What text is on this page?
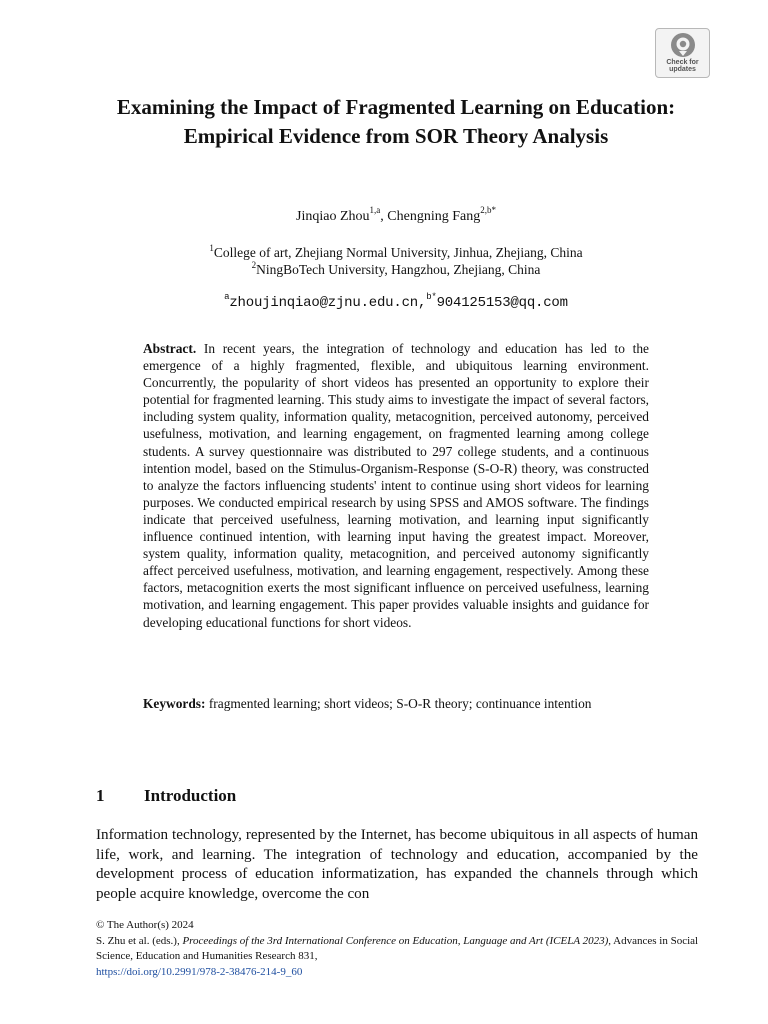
Check for
updates
Examining the Impact of Fragmented Learning on Education: Empirical Evidence from SOR Theory Analysis
Jinqiao Zhou$^{1,a}$, Chengning Fang$^{2,b*}$
$^1$College of art, Zhejiang Normal University, Jinhua, Zhejiang, China
$^2$NingBoTech University, Hangzhou, Zhejiang, China
$^a$zhoujinqiao@zjnu.edu.cn,$^{b*}$904125153@qq.com
Abstract. In recent years, the integration of technology and education has led to the emergence of a highly fragmented, flexible, and ubiquitous learning environment. Concurrently, the popularity of short videos has presented an opportunity to explore their potential for fragmented learning. This study aims to investigate the impact of several factors, including system quality, information quality, metacognition, perceived autonomy, perceived usefulness, motivation, and learning engagement, on fragmented learning among college students. A survey questionnaire was distributed to 297 college students, and a continuous intention model, based on the Stimulus-Organism-Response (S-O-R) theory, was constructed to analyze the factors influencing students' intent to continue using short videos for learning purposes. We conducted empirical research by using SPSS and AMOS software. The findings indicate that perceived usefulness, learning motivation, and learning input significantly influence continued intention, with learning input having the greatest impact. Moreover, system quality, information quality, metacognition, and perceived autonomy significantly affect perceived usefulness, motivation, and learning engagement, respectively. Among these factors, metacognition exerts the most significant influence on perceived usefulness, learning motivation, and learning engagement. This paper provides valuable insights and guidance for developing educational functions for short videos.
Keywords: fragmented learning; short videos; S-O-R theory; continuance intention
1 Introduction
Information technology, represented by the Internet, has become ubiquitous in all aspects of human life, work, and learning. The integration of technology and education, accompanied by the development process of education informatization, has expanded the channels through which people acquire knowledge, overcome the con
© The Author(s) 2024
S. Zhu et al. (eds.), Proceedings of the 3rd International Conference on Education, Language and Art (ICELA 2023), Advances in Social Science, Education and Humanities Research 831,
https://doi.org/10.2991/978-2-38476-214-9_60
